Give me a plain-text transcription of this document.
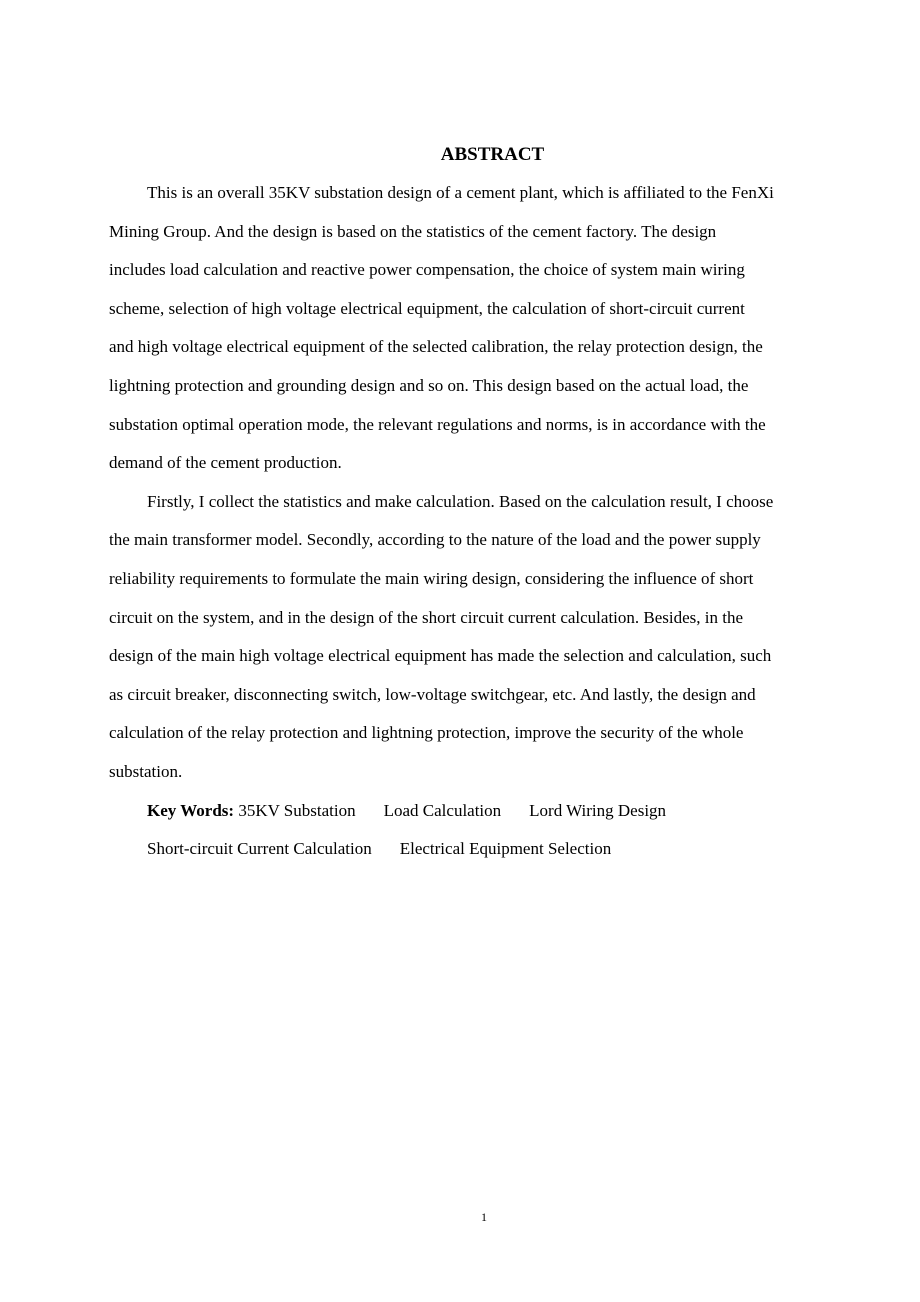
ABSTRACT

This is an overall 35KV substation design of a cement plant, which is affiliated to the FenXi
Mining Group. And the design is based on the statistics of the cement factory. The design
includes load calculation and reactive power compensation, the choice of system main wiring
scheme, selection of high voltage electrical equipment, the calculation of short-circuit current
and high voltage electrical equipment of the selected calibration, the relay protection design, the
lightning protection and grounding design and so on. This design based on the actual load, the
substation optimal operation mode, the relevant regulations and norms, is in accordance with the
demand of the cement production.

Firstly, I collect the statistics and make calculation. Based on the calculation result, I choose
the main transformer model. Secondly, according to the nature of the load and the power supply
reliability requirements to formulate the main wiring design, considering the influence of short
circuit on the system, and in the design of the short circuit current calculation. Besides, in the
design of the main high voltage electrical equipment has made the selection and calculation, such
as circuit breaker, disconnecting switch, low-voltage switchgear, etc. And lastly, the design and
calculation of the relay protection and lightning protection, improve the security of the whole
substation.

Key Words: 35KV Substation Load Calculation Lord Wiring Design

Short-circuit Current Calculation Electrical Equipment Selection

1
